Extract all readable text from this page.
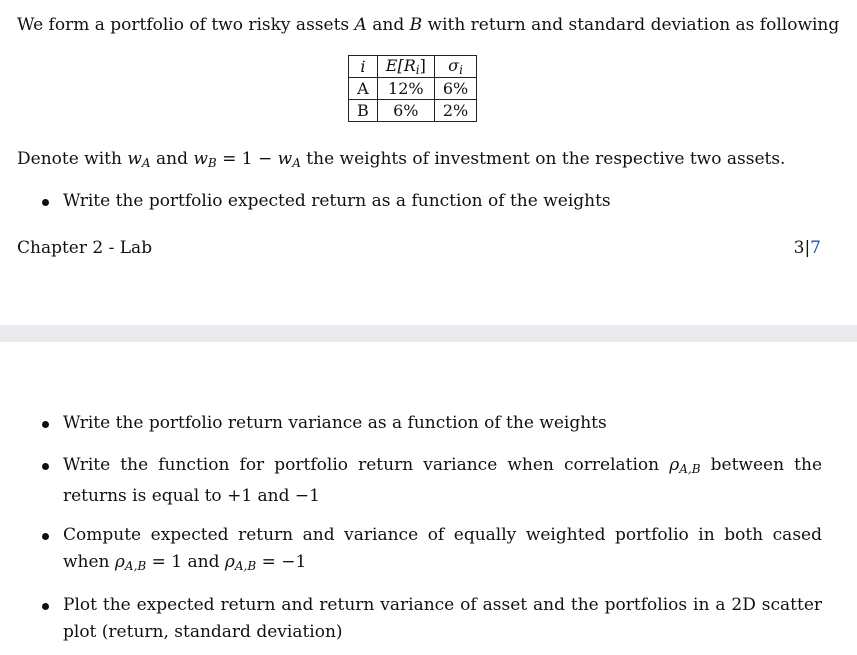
We form a portfolio of two risky assets A and B with return and standard deviation as following
i	$E[R_i]$	$\sigma_i$
A	12%	6%
B	6%	2%
Denote with $w_A$ and $w_B = 1 - w_A$ the weights of investment on the respective two assets.
Write the portfolio expected return as a function of the weights
Chapter 2 - Lab	3|7
Write the portfolio return variance as a function of the weights
Write the function for portfolio return variance when correlation $\rho_{A,B}$ between the returns is equal to +1 and −1
Compute expected return and variance of equally weighted portfolio in both cased when $\rho_{A,B} = 1$ and $\rho_{A,B} = -1$
Plot the expected return and return variance of asset and the portfolios in a 2D scatter plot (return, standard deviation)
